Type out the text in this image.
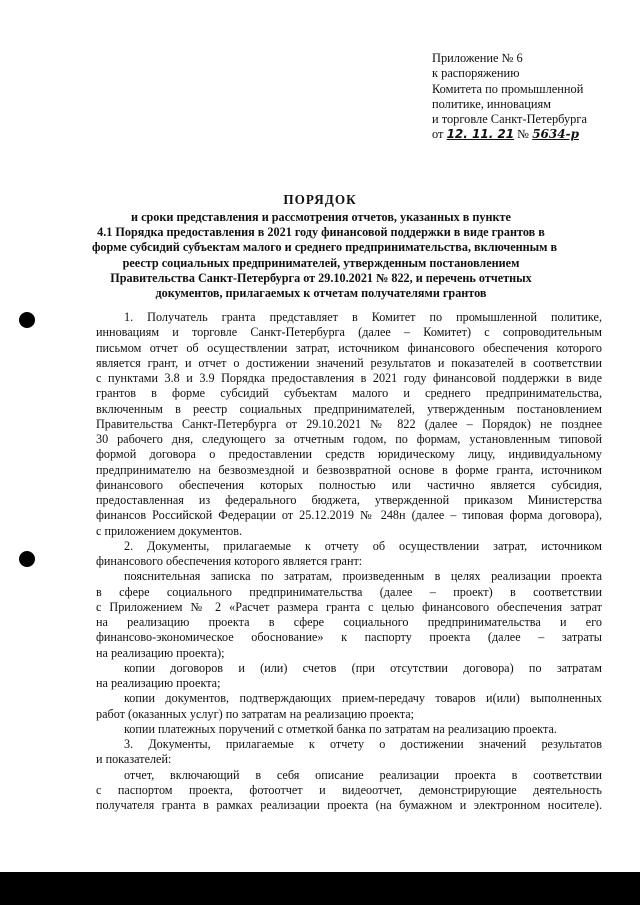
Приложение № 6
к распоряжению
Комитета по промышленной
политике, инновациям
и торговле Санкт-Петербурга
от 12. 11. 21 № 5634-р
ПОРЯДОК
и сроки представления и рассмотрения отчетов, указанных в пункте
4.1 Порядка предоставления в 2021 году финансовой поддержки в виде грантов в
форме субсидий субъектам малого и среднего предпринимательства, включенным в
реестр социальных предпринимателей, утвержденным постановлением
Правительства Санкт-Петербурга от 29.10.2021 № 822, и перечень отчетных
документов, прилагаемых к отчетам получателями грантов
1. Получатель гранта представляет в Комитет по промышленной политике,
инновациям и торговле Санкт-Петербурга (далее – Комитет) с сопроводительным
письмом отчет об осуществлении затрат, источником финансового обеспечения которого
является грант, и отчет о достижении значений результатов и показателей в соответствии
с пунктами 3.8 и 3.9 Порядка предоставления в 2021 году финансовой поддержки в виде
грантов в форме субсидий субъектам малого и среднего предпринимательства,
включенным в реестр социальных предпринимателей, утвержденным постановлением
Правительства Санкт-Петербурга от 29.10.2021 № 822 (далее – Порядок) не позднее
30 рабочего дня, следующего за отчетным годом, по формам, установленным типовой
формой договора о предоставлении средств юридическому лицу, индивидуальному
предпринимателю на безвозмездной и безвозвратной основе в форме гранта, источником
финансового обеспечения которых полностью или частично является субсидия,
предоставленная из федерального бюджета, утвержденной приказом Министерства
финансов Российской Федерации от 25.12.2019 № 248н (далее – типовая форма договора),
с приложением документов.
2. Документы, прилагаемые к отчету об осуществлении затрат, источником
финансового обеспечения которого является грант:
пояснительная записка по затратам, произведенным в целях реализации проекта
в сфере социального предпринимательства (далее – проект) в соответствии
с Приложением № 2 «Расчет размера гранта с целью финансового обеспечения затрат
на реализацию проекта в сфере социального предпринимательства и его
финансово-экономическое обоснование» к паспорту проекта (далее – затраты
на реализацию проекта);
копии договоров и (или) счетов (при отсутствии договора) по затратам
на реализацию проекта;
копии документов, подтверждающих прием-передачу товаров и(или) выполненных
работ (оказанных услуг) по затратам на реализацию проекта;
копии платежных поручений с отметкой банка по затратам на реализацию проекта.
3. Документы, прилагаемые к отчету о достижении значений результатов
и показателей:
отчет, включающий в себя описание реализации проекта в соответствии
с паспортом проекта, фотоотчет и видеоотчет, демонстрирующие деятельность
получателя гранта в рамках реализации проекта (на бумажном и электронном носителе).
